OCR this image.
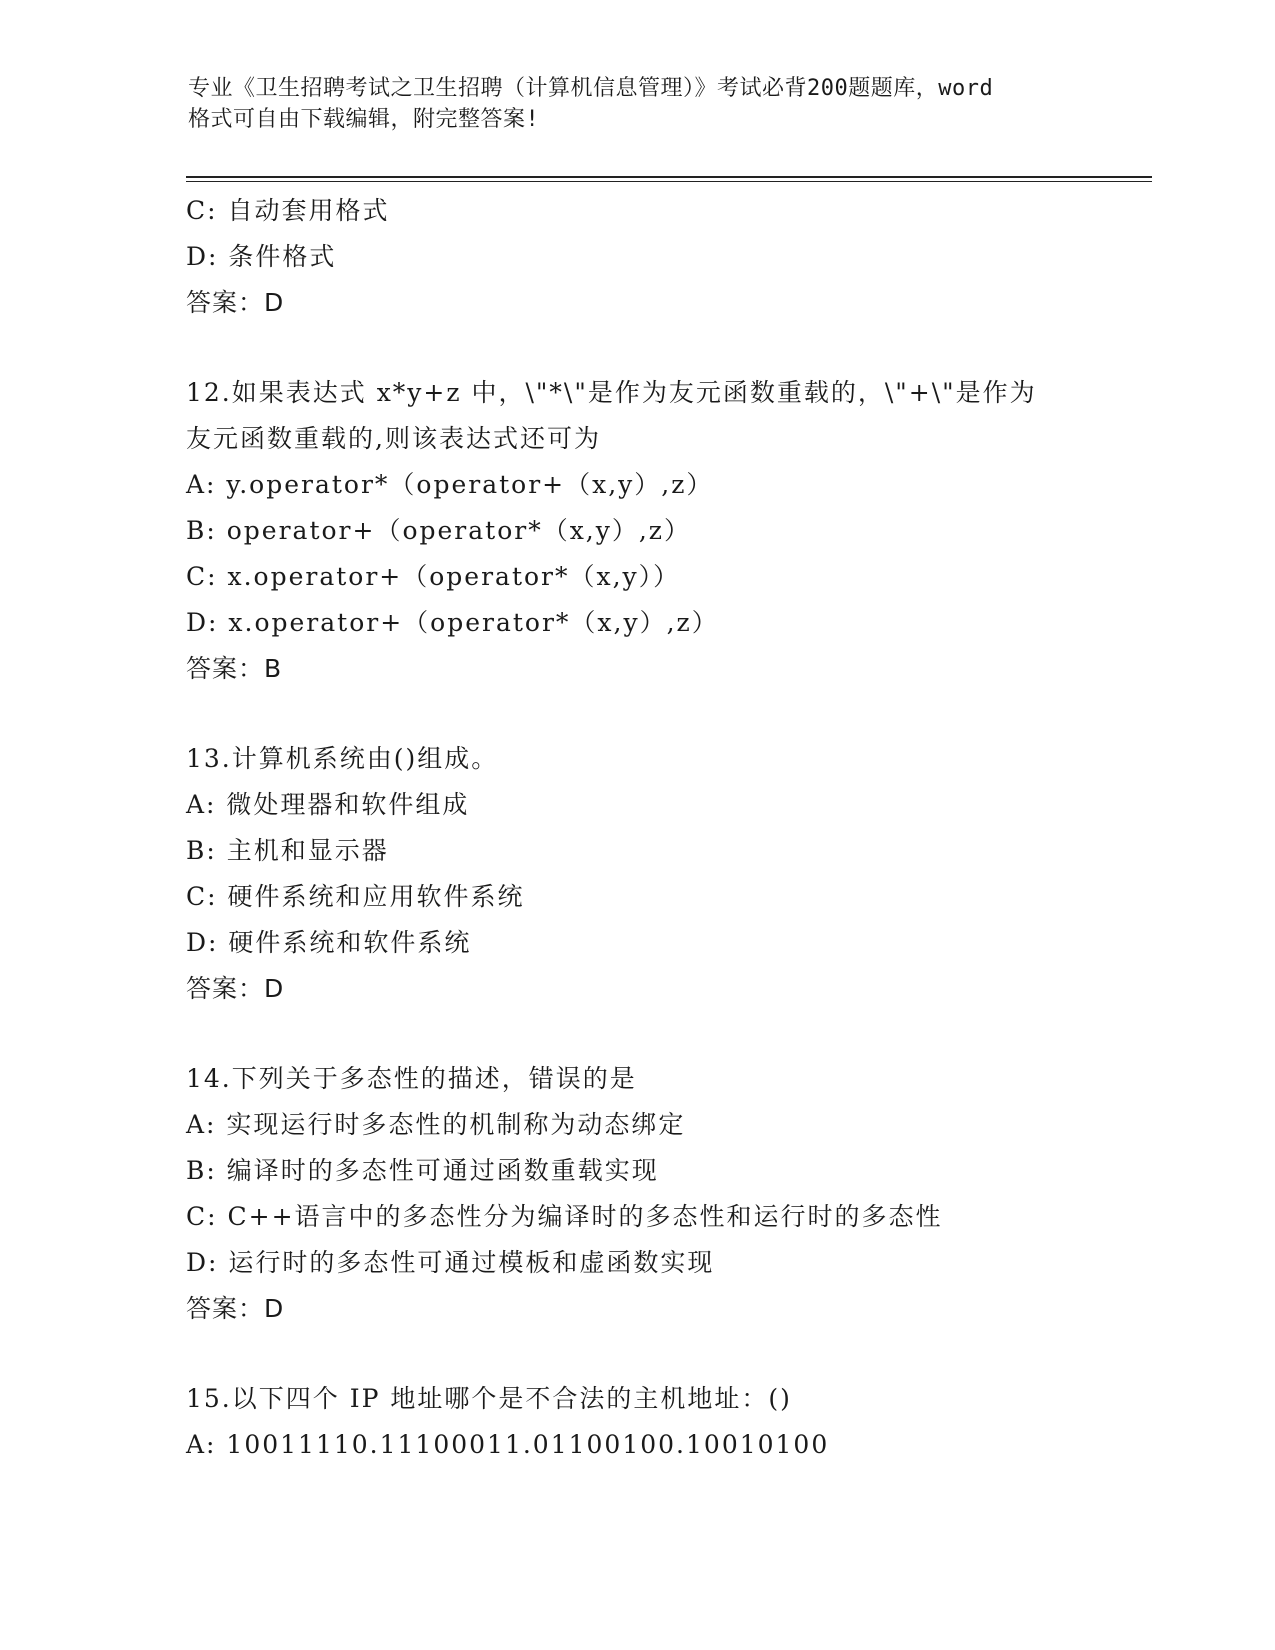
专业《卫生招聘考试之卫生招聘（计算机信息管理）》考试必背200题题库，word
格式可自由下载编辑，附完整答案!
C: 自动套用格式
D: 条件格式
答案：D
12.如果表达式 x*y+z 中，\"*\"是作为友元函数重载的，\"+\"是作为
友元函数重载的,则该表达式还可为
A: y.operator*（operator+（x,y）,z）
B: operator+（operator*（x,y）,z）
C: x.operator+（operator*（x,y））
D: x.operator+（operator*（x,y）,z）
答案：B
13.计算机系统由()组成。
A: 微处理器和软件组成
B: 主机和显示器
C: 硬件系统和应用软件系统
D: 硬件系统和软件系统
答案：D
14.下列关于多态性的描述，错误的是
A: 实现运行时多态性的机制称为动态绑定
B: 编译时的多态性可通过函数重载实现
C: C++语言中的多态性分为编译时的多态性和运行时的多态性
D: 运行时的多态性可通过模板和虚函数实现
答案：D
15.以下四个 IP 地址哪个是不合法的主机地址：()
A: 10011110.11100011.01100100.10010100
